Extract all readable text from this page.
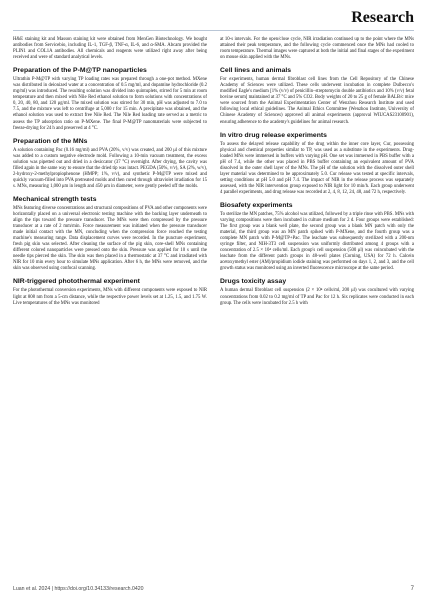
Research

H&E staining kit and Masson staining kit were obtained from MenGen Biotechnology. We bought antibodies from Servicebio, including IL-1, TGF-β, TNF-α, IL-6, and α-SMA. Abcam provided the PLIN1 and COL1A antibodies. All chemicals and reagents were utilized right away after being received and were of standard analytical levels.

Preparation of the P-M@TP nanoparticles

Ultrathin P-M@TP with varying TP loading rates was prepared through a one-pot method. MXene was distributed in deionized water at a concentration of 0.5 mg/ml, and dopamine hydrochloride (0.2 mg/ml) was introduced. The resulting solution was divided into quintuplets, stirred for 5 min at room temperature and then mixed with Nile Red ethanol solution to form solutions with concentrations of 0, 20, 40, 80, and 120 μg/ml. The mixed solution was stirred for 30 min, pH was adjusted to 7.0 to 7.5, and the mixture was left to centrifuge at 5,000 r for 15 min. A precipitate was obtained, and the ethanol solution was used to extract free Nile Red. The Nile Red loading rate served as a metric to assess the TP adsorption ratio on P-MXene. The final P-M@TP nanomaterials were subjected to freeze-drying for 24 h and preserved at 4 °C.

Preparation of the MNs

A solution containing Pac (0.16 mg/ml) and PVA (20%, v/v) was created, and 200 μl of this mixture was added to a custom negative electrode mold. Following a 10-min vacuum treatment, the excess solution was pipetted out and dried in a desiccator (37 °C) overnight. After drying, the cavity was filled again in the same way to ensure that the dried tip was intact. PEGDA (50%, v/v), SA (2%, w/v), 2-hydroxy-2-methylpropiophenone (HMPP; 1%, v/v), and synthetic P-M@TP were mixed and quickly vacuum-filled into PVA pretreated molds and then cured through ultraviolet irradiation for 15 s. MNs, measuring 1,000 μm in length and 450 μm in diameter, were gently peeled off the molds.

Mechanical strength tests

MNs featuring diverse concentrations and structural compositions of PVA and other components were horizontally placed on a universal electronic testing machine with the backing layer underneath to align the tips toward the pressure transducer. The MNs were then compressed by the pressure transducer at a rate of 2 mm/min. Force measurement was initiated when the pressure transducer made initial contact with the MN, concluding when the compression force reached the testing machine's measuring range. Data displacement curves were recorded. In the puncture experiment, fresh pig skin was selected. After cleaning the surface of the pig skin, core-shell MNs containing different colored nanoparticles were pressed onto the skin. Pressure was applied for 10 s until the needle tips pierced the skin. The skin was then placed in a thermostatic at 37 °C and irradiated with NIR for 10 min every hour to simulate MNs application. After 6 h, the MNs were removed, and the skin was observed using confocal scanning.

NIR-triggered photothermal experiment

For the photothermal conversion experiments, MNs with different components were exposed to NIR light at 808 nm from a 5-cm distance, while the respective power levels set at 1.25, 1.5, and 1.75 W. Live temperatures of the MNs was monitored

at 10-s intervals. For the open/close cycle, NIR irradiation continued up to the point where the MNs attained their peak temperature, and the following cycle commenced once the MNs had cooled to room temperature. Thermal images were captured at both the initial and final stages of the experiment on mouse skin applied with the MNs.

Cell lines and animals

For experiments, human dermal fibroblast cell lines from the Cell Repository of the Chinese Academy of Sciences were utilized. These cells underwent incubation in complete Dulbecco's modified Eagle's medium [1% (v/v) of penicillin–streptomycin double antibiotics and 10% (v/v) fetal bovine serum] maintained at 37 °C and 5% CO2. Body weights of 20 to 25 g of female BALB/c mice were sourced from the Animal Experimentation Center of Wenzhou Research Institute and used following local ethical guidelines. The Animal Ethics Committee (Wenzhou Institute, University of Chinese Academy of Sciences) approved all animal experiments (approval WIUCAS23100901), ensuring adherence to the academy's guidelines for animal research.

In vitro drug release experiments

To assess the delayed release capability of the drug within the inner core layer, Cur, possessing physical and chemical properties similar to TP, was used as a substitute in the experiments. Drug-loaded MNs were immersed in buffers with varying pH. One set was immersed in PBS buffer with a pH of 7.4, while the other was placed in PBS buffer containing an equivalent amount of PVA dissolved in the outer shell layer of the MNs. The pH of the solution with the dissolved outer shell layer material was determined to be approximately 5.0. Cur release was tested at specific intervals, setting conditions at pH 5.0 and pH 7.4. The impact of NIR in the release process was separately assessed, with the NIR intervention group exposed to NIR light for 10 min/h. Each group underwent 4 parallel experiments, and drug release was recorded at 2, 4, 8, 12, 24, 48, and 72 h, respectively.

Biosafety experiments

To sterilize the MN patches, 75% alcohol was utilized, followed by a triple rinse with PBS. MNs with varying compositions were then incubated in culture medium for 2 d. Four groups were established: The first group was a blank well plate, the second group was a blank MN patch with only the material, the third group was an MN patch spiked with P-MXene, and the fourth group was a complete MN patch with P-M@TP+Pac. The leachate was subsequently sterilized with a 200-nm syringe filter, and NIH-3T3 cell suspension was uniformly distributed among 4 groups with a concentration of 2.5 × 10⁴ cells/ml. Each group's cell suspension (500 μl) was coincubated with the leachate from the different patch groups in 48-well plates (Corning, USA) for 72 h. Calcein acetoxymethyl ester (AM)/propidium iodide staining was performed on days 1, 2, and 3, and the cell growth status was monitored using an inverted fluorescence microscope at the same period.

Drugs toxicity assay

A human dermal fibroblast cell suspension (2 × 10⁴ cells/ml, 200 μl) was cocultured with varying concentrations from 0.02 to 0.2 mg/ml of TP and Pac for 12 h. Six replicates were conducted in each group. The cells were incubated for 2.5 h with

Luan et al. 2024 | https://doi.org/10.34133/research.0420	7
